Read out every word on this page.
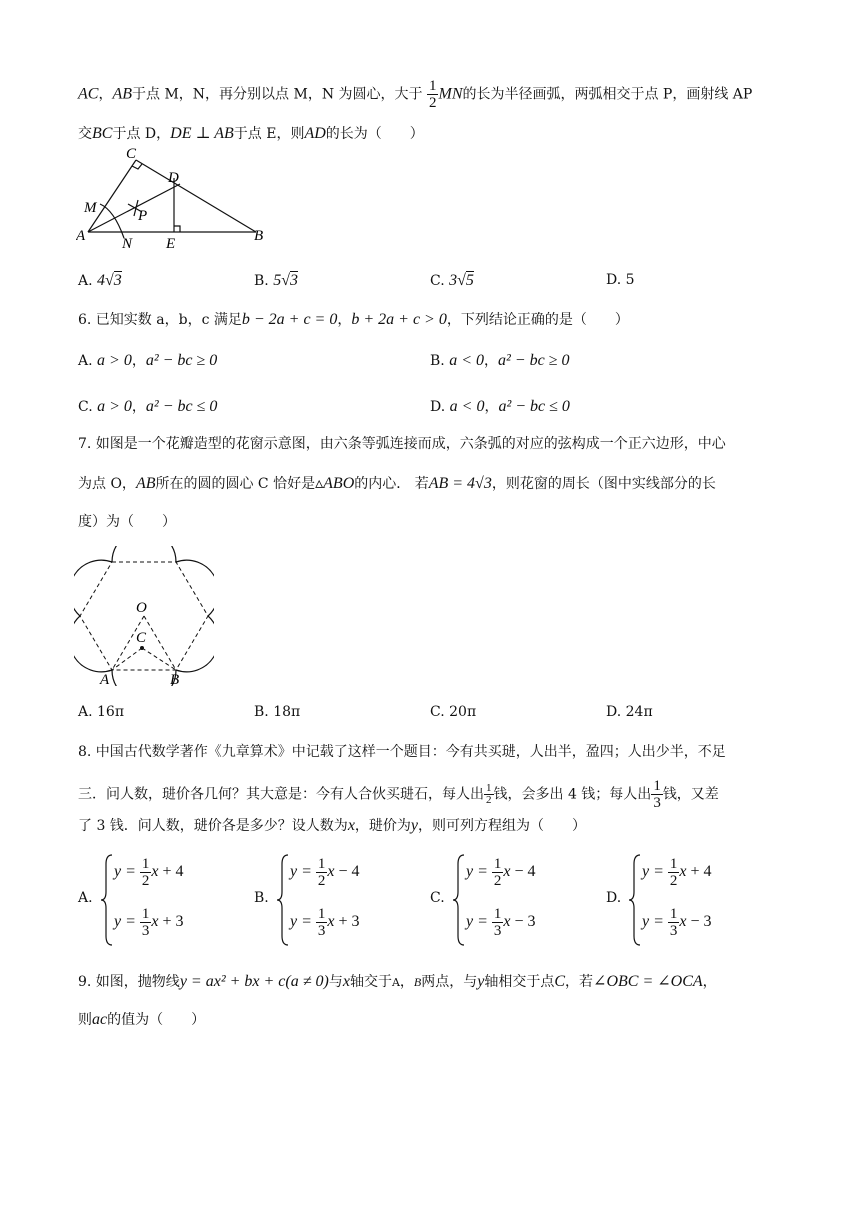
AC，AB于点 M，N，再分别以点 M，N 为圆心，大于 $\frac{1}{2}$ MN的长为半径画弧，两弧相交于点 P，画射线 AP
交BC于点 D，DE ⊥ AB于点 E，则AD的长为（　　）
C
D
M	P
A N E	B
A. 4√3	B. 5√3	C. 3√5	D. 5
6. 已知实数 a，b，c 满足b − 2a + c = 0，b + 2a + c > 0，下列结论正确的是（　　）
A. a > 0，a² − bc ≥ 0	B. a < 0，a² − bc ≥ 0
C. a > 0，a² − bc ≤ 0	D. a < 0，a² − bc ≤ 0
7. 如图是一个花瓣造型的花窗示意图，由六条等弧连接而成，六条弧的对应的弦构成一个正六边形，中心
为点 O，AB所在的圆的圆心 C 恰好是▵ABO的内心． 若AB = 4√3，则花窗的周长（图中实线部分的长
度）为（　　）
O
C
A	B
A. 16π	B. 18π	C. 20π	D. 24π
8. 中国古代数学著作《九章算术》中记载了这样一个题目：今有共买琎，人出半，盈四；人出少半，不足
三．问人数，琎价各几何？其大意是：今有人合伙买琎石，每人出 $\frac{1}{2}$ 钱，会多出 4 钱；每人出 $\frac{1}{3}$ 钱，又差
了 3 钱．问人数，琎价各是多少？设人数为x，琎价为y，则可列方程组为（　　）
A.
$y = \frac{1}{2}$ x + 4
$y = \frac{1}{3}$ x + 3
B.
$y = \frac{1}{2}$ x − 4
$y = \frac{1}{3}$ x + 3
C.
$y = \frac{1}{2}$ x − 4
$y = \frac{1}{3}$ x − 3
D.
$y = \frac{1}{2}$ x + 4
$y = \frac{1}{3}$ x − 3
9. 如图，抛物线y = ax² + bx + c(a ≠ 0)与x轴交于A，B两点，与y轴相交于点C，若∠OBC = ∠OCA，
则ac的值为（　　）
